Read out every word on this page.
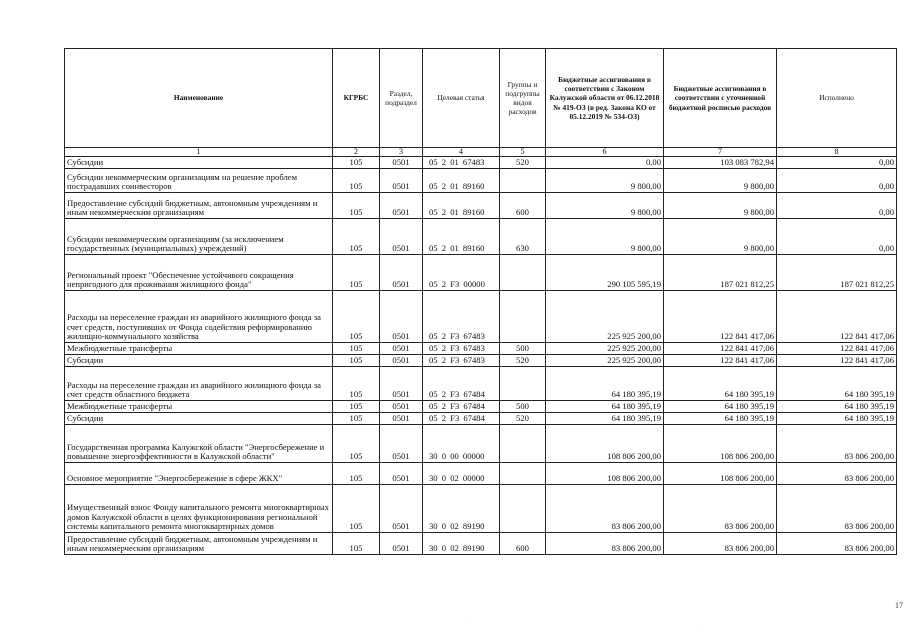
Наименование	КГРБС	Раздел, подраздел	Целевая статья	Группы и подгруппы видов расходов	Бюджетные ассигнования в соответствии с Законом Калужской области от 06.12.2018 № 419-ОЗ (в ред. Закона КО от 05.12.2019 № 534-ОЗ)	Бюджетные ассигнования в соответствии с уточненной бюджетной росписью расходов	Исполнено
1	2	3	4	5	6	7	8
Субсидии	105	0501	05 2 01 67483	520	0,00	103 083 782,94	0,00
Субсидии некоммерческим организациям на решение проблем пострадавших соинвесторов	105	0501	05 2 01 89160		9 800,00	9 800,00	0,00
Предоставление субсидий бюджетным, автономным учреждениям и иным некоммерческим организациям	105	0501	05 2 01 89160	600	9 800,00	9 800,00	0,00
Субсидии некоммерческим организациям (за исключением государственных (муниципальных) учреждений)	105	0501	05 2 01 89160	630	9 800,00	9 800,00	0,00
Региональный проект "Обеспечение устойчивого сокращения непригодного для проживания жилищного фонда"	105	0501	05 2 F3 00000		290 105 595,19	187 021 812,25	187 021 812,25
Расходы на переселение граждан из аварийного жилищного фонда за счет средств, поступивших от Фонда содействия реформированию жилищно-коммунального хозяйства	105	0501	05 2 F3 67483		225 925 200,00	122 841 417,06	122 841 417,06
Межбюджетные трансферты	105	0501	05 2 F3 67483	500	225 925 200,00	122 841 417,06	122 841 417,06
Субсидии	105	0501	05 2 F3 67483	520	225 925 200,00	122 841 417,06	122 841 417,06
Расходы на переселение граждан из аварийного жилищного фонда за счет средств областного бюджета	105	0501	05 2 F3 67484		64 180 395,19	64 180 395,19	64 180 395,19
Межбюджетные трансферты	105	0501	05 2 F3 67484	500	64 180 395,19	64 180 395,19	64 180 395,19
Субсидии	105	0501	05 2 F3 67484	520	64 180 395,19	64 180 395,19	64 180 395,19
Государственная программа Калужской области "Энергосбережение и повышение энергоэффективности в Калужской области"	105	0501	30 0 00 00000		108 806 200,00	108 806 200,00	83 806 200,00
Основное мероприятие "Энергосбережение в сфере ЖКХ"	105	0501	30 0 02 00000		108 806 200,00	108 806 200,00	83 806 200,00
Имущественный взнос Фонду капитального ремонта многоквартирных домов Калужской области в целях функционирования региональной системы капитального ремонта многоквартирных домов	105	0501	30 0 02 89190		83 806 200,00	83 806 200,00	83 806 200,00
Предоставление субсидий бюджетным, автономным учреждениям и иным некоммерческим организациям	105	0501	30 0 02 89190	600	83 806 200,00	83 806 200,00	83 806 200,00
17
·
·
